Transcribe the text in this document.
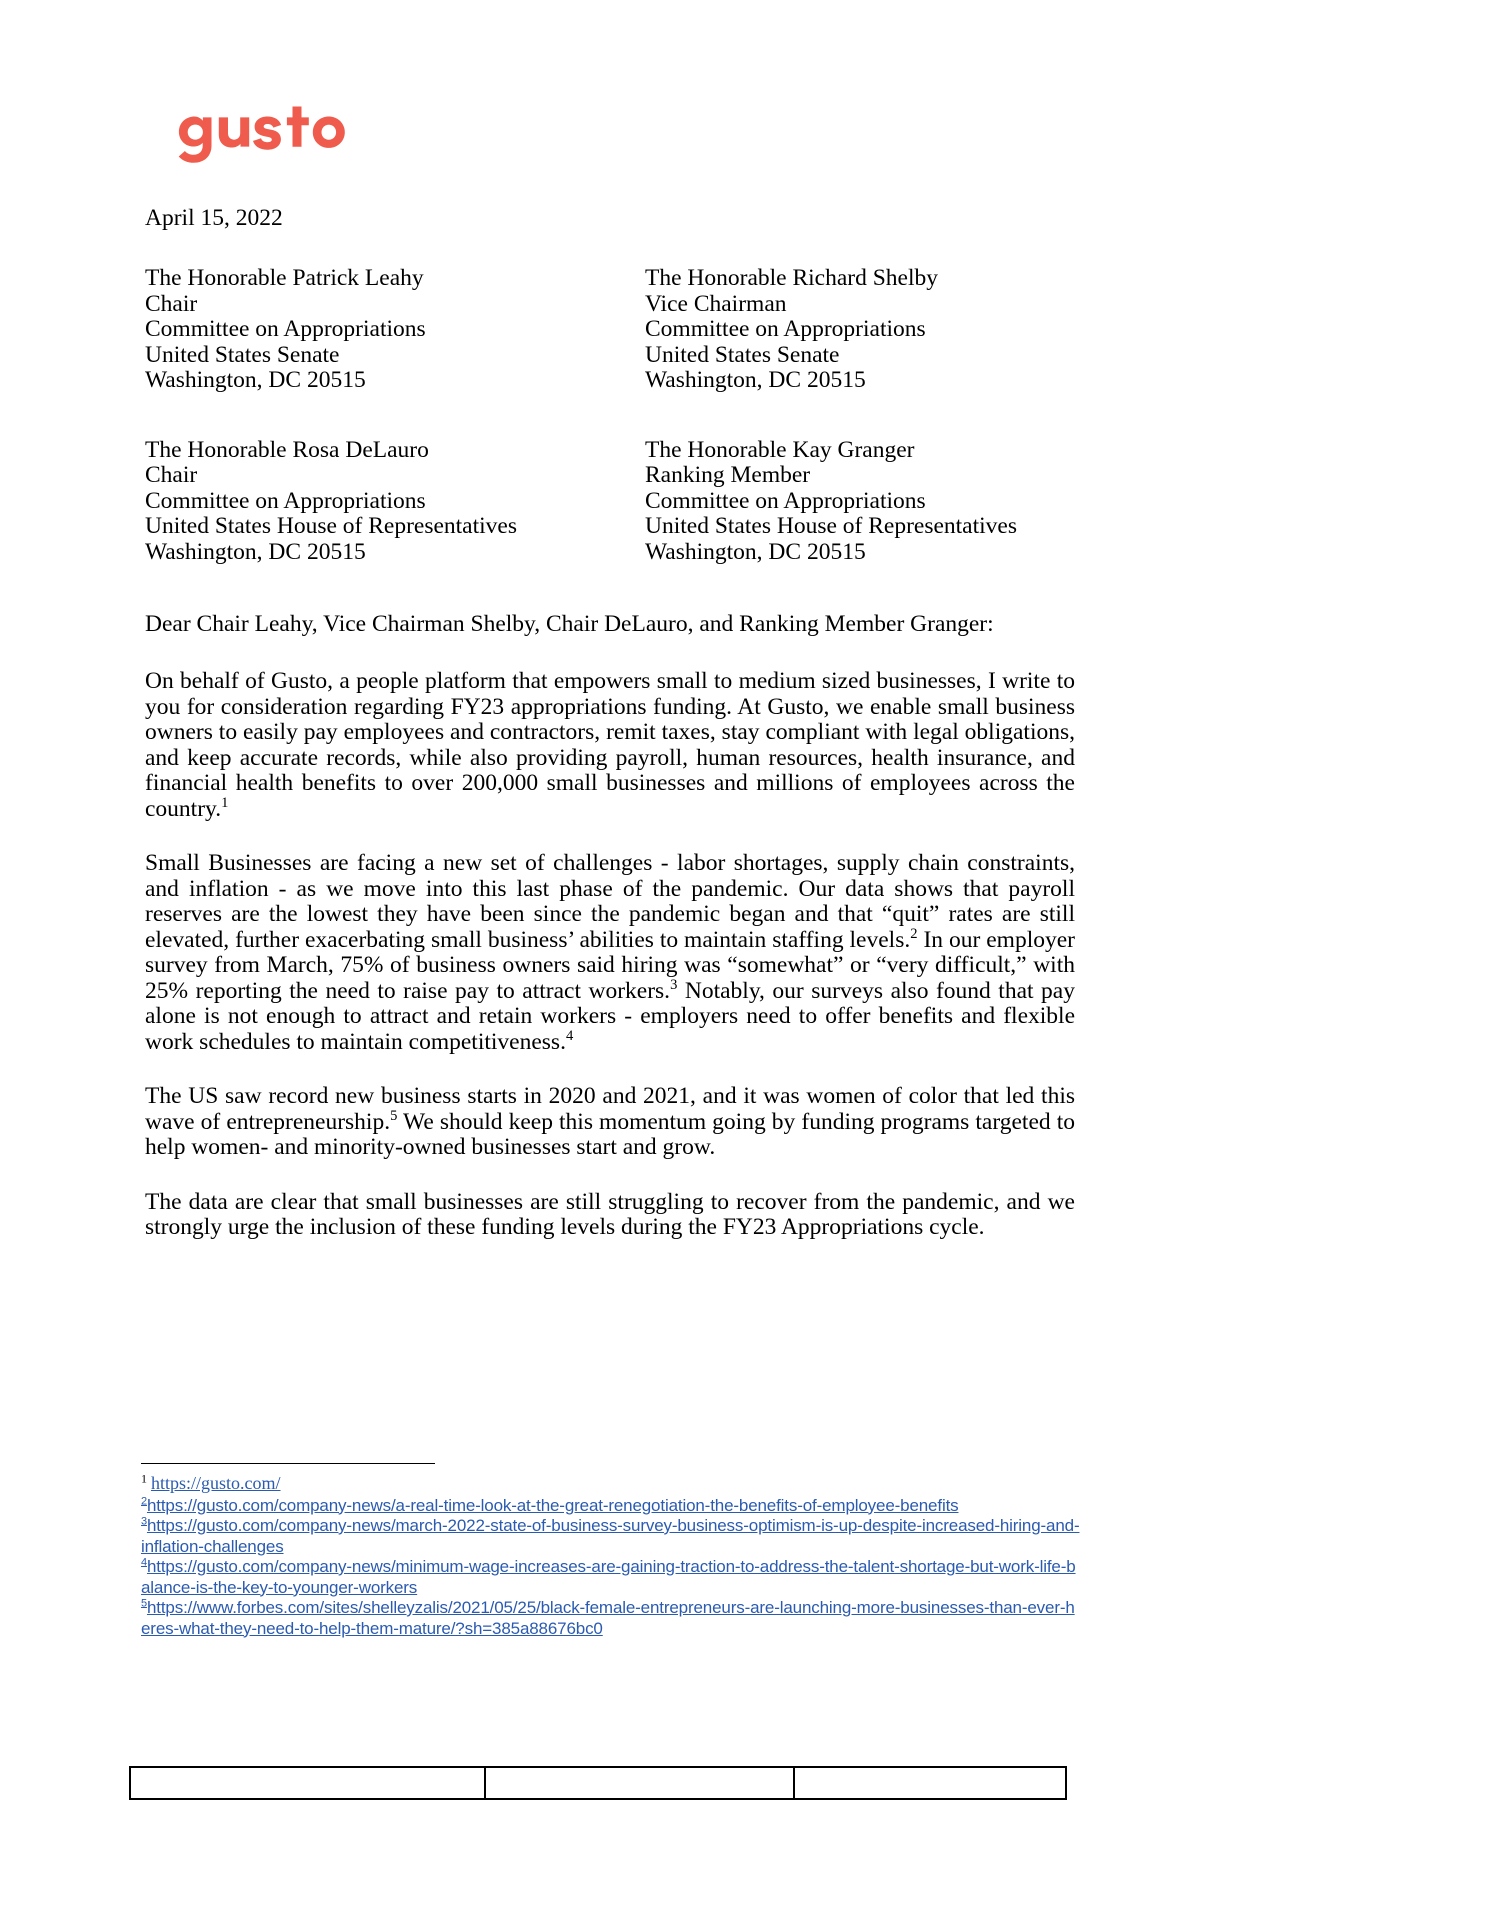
April 15, 2022
The Honorable Patrick Leahy
Chair
Committee on Appropriations
United States Senate
Washington, DC 20515
The Honorable Richard Shelby
Vice Chairman
Committee on Appropriations
United States Senate
Washington, DC 20515
The Honorable Rosa DeLauro
Chair
Committee on Appropriations
United States House of Representatives
Washington, DC 20515
The Honorable Kay Granger
Ranking Member
Committee on Appropriations
United States House of Representatives
Washington, DC 20515
Dear Chair Leahy, Vice Chairman Shelby, Chair DeLauro, and Ranking Member Granger:

On behalf of Gusto, a people platform that empowers small to medium sized businesses, I write to you for consideration regarding FY23 appropriations funding. At Gusto, we enable small business owners to easily pay employees and contractors, remit taxes, stay compliant with legal obligations, and keep accurate records, while also providing payroll, human resources, health insurance, and financial health benefits to over 200,000 small businesses and millions of employees across the country.$^1$

Small Businesses are facing a new set of challenges - labor shortages, supply chain constraints, and inflation - as we move into this last phase of the pandemic. Our data shows that payroll reserves are the lowest they have been since the pandemic began and that “quit” rates are still elevated, further exacerbating small business’ abilities to maintain staffing levels.$^2$ In our employer survey from March, 75% of business owners said hiring was “somewhat” or “very difficult,” with 25% reporting the need to raise pay to attract workers.$^3$ Notably, our surveys also found that pay alone is not enough to attract and retain workers - employers need to offer benefits and flexible work schedules to maintain competitiveness.$^4$

The US saw record new business starts in 2020 and 2021, and it was women of color that led this wave of entrepreneurship.$^5$ We should keep this momentum going by funding programs targeted to help women- and minority-owned businesses start and grow.

The data are clear that small businesses are still struggling to recover from the pandemic, and we strongly urge the inclusion of these funding levels during the FY23 Appropriations cycle.

$^1$ https://gusto.com/
$^2$https://gusto.com/company-news/a-real-time-look-at-the-great-renegotiation-the-benefits-of-employee-benefits
$^3$https://gusto.com/company-news/march-2022-state-of-business-survey-business-optimism-is-up-despite-increased-hiring-and-inflation-challenges
$^4$https://gusto.com/company-news/minimum-wage-increases-are-gaining-traction-to-address-the-talent-shortage-but-work-life-balance-is-the-key-to-younger-workers
$^5$https://www.forbes.com/sites/shelleyzalis/2021/05/25/black-female-entrepreneurs-are-launching-more-businesses-than-ever-heres-what-they-need-to-help-them-mature/?sh=385a88676bc0
